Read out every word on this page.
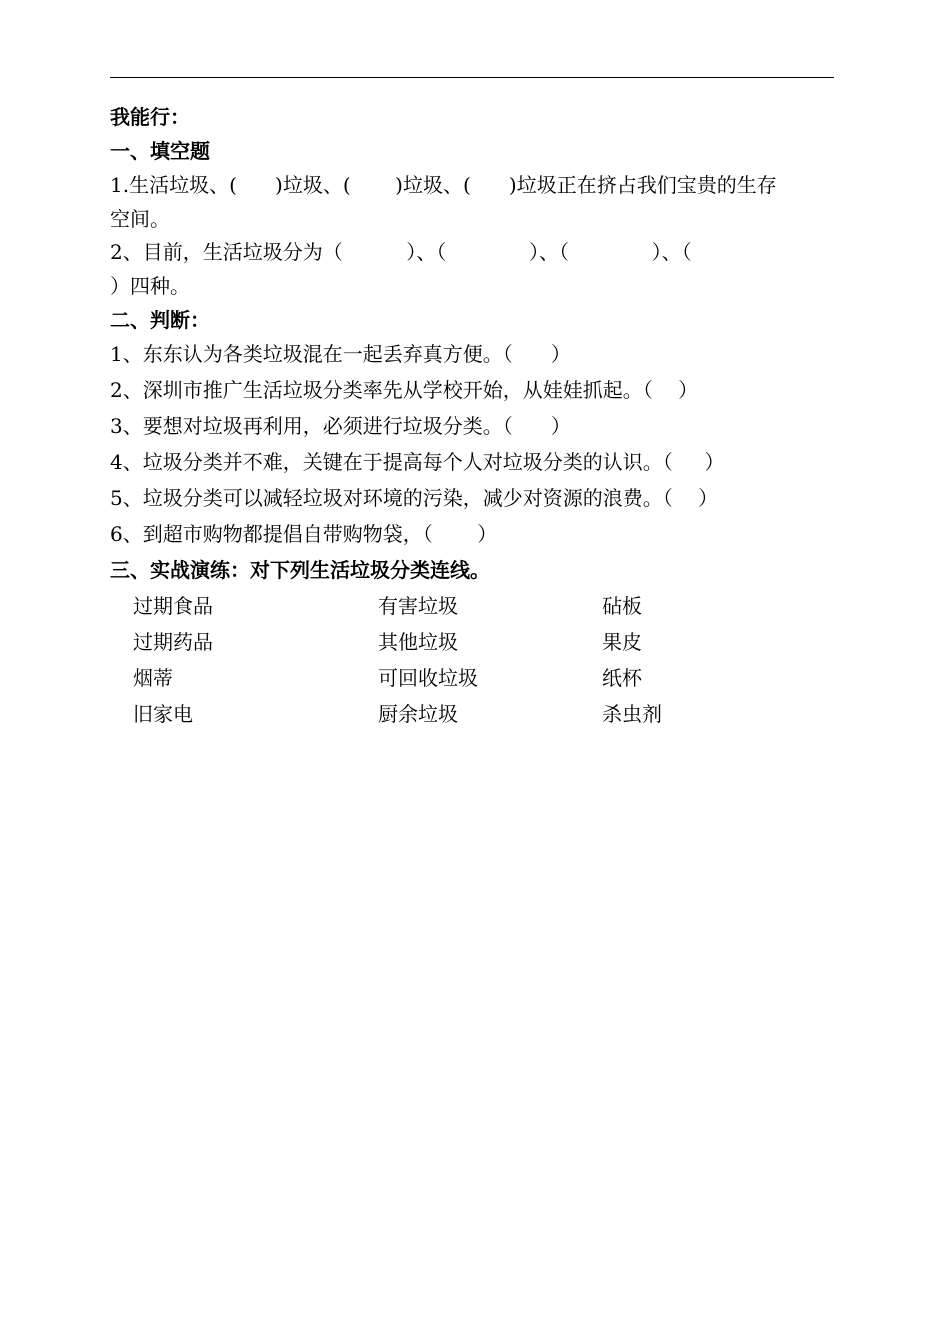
我能行：
一、填空题
1.生活垃圾、(      )垃圾、(       )垃圾、(      )垃圾正在挤占我们宝贵的生存
空间。
2、目前，生活垃圾分为（          ）、（             ）、（             ）、（
）四种。
二、判断：
1、东东认为各类垃圾混在一起丢弃真方便。（      ）
2、深圳市推广生活垃圾分类率先从学校开始，从娃娃抓起。（    ）
3、要想对垃圾再利用，必须进行垃圾分类。（      ）
4、垃圾分类并不难，关键在于提高每个人对垃圾分类的认识。（     ）
5、垃圾分类可以减轻垃圾对环境的污染，减少对资源的浪费。（    ）
6、到超市购物都提倡自带购物袋，（       ）
三、实战演练：对下列生活垃圾分类连线。
过期食品	有害垃圾	砧板
过期药品	其他垃圾	果皮
烟蒂	可回收垃圾	纸杯
旧家电	厨余垃圾	杀虫剂
